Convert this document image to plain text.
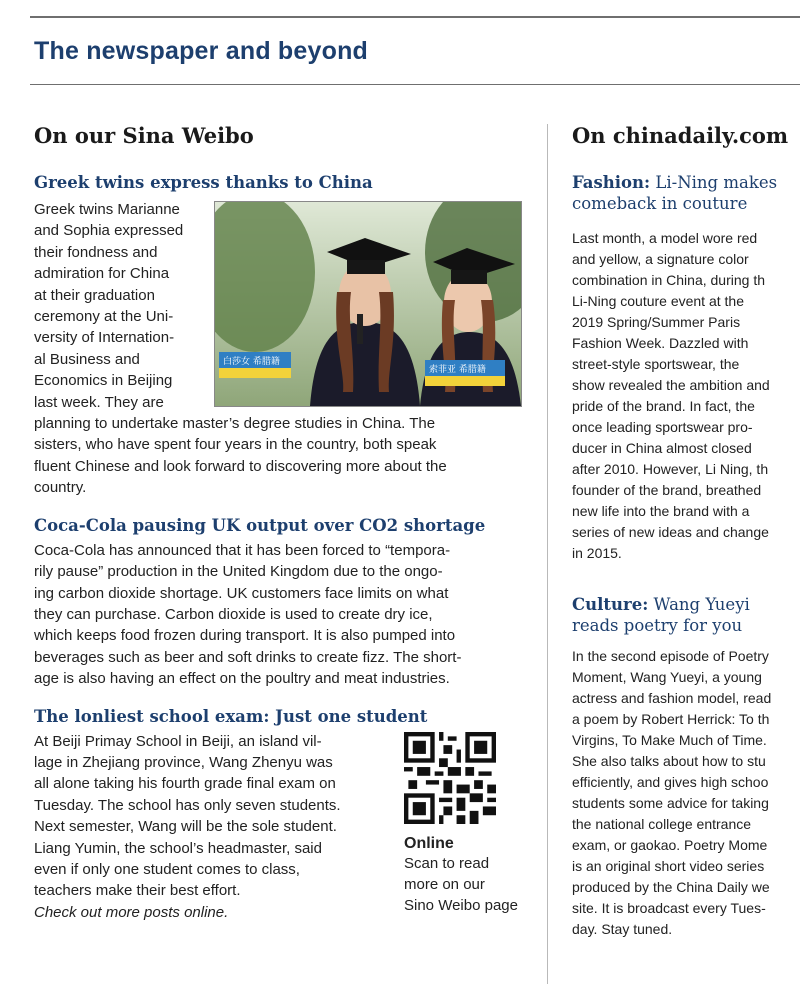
The newspaper and beyond
On our Sina Weibo
Greek twins express thanks to China
白莎女 希腊籍
索菲亚 希腊籍
Greek twins Marianne
and Sophia expressed
their fondness and
admiration for China
at their graduation
ceremony at the Uni-
versity of Internation-
al Business and
Economics in Beijing
last week. They are
planning to undertake master’s degree studies in China. The
sisters, who have spent four years in the country, both speak
fluent Chinese and look forward to discovering more about the
country.
Coca-Cola pausing UK output over CO2 shortage
Coca-Cola has announced that it has been forced to “tempora-
rily pause” production in the United Kingdom due to the ongo-
ing carbon dioxide shortage. UK customers face limits on what
they can purchase. Carbon dioxide is used to create dry ice,
which keeps food frozen during transport. It is also pumped into
beverages such as beer and soft drinks to create fizz. The short-
age is also having an effect on the poultry and meat industries.
The lonliest school exam: Just one student
At Beiji Primay School in Beiji, an island vil-
lage in Zhejiang province, Wang Zhenyu was
all alone taking his fourth grade final exam on
Tuesday. The school has only seven students.
Next semester, Wang will be the sole student.
Liang Yumin, the school’s headmaster, said
even if only one student comes to class,
teachers make their best effort.
Check out more posts online.
Online
Scan to read
more on our
Sino Weibo page
On chinadaily.com
Fashion: Li-Ning makes
comeback in couture
Last month, a model wore red
and yellow, a signature color
combination in China, during th
Li-Ning couture event at the
2019 Spring/Summer Paris
Fashion Week. Dazzled with
street-style sportswear, the
show revealed the ambition and
pride of the brand. In fact, the
once leading sportswear pro-
ducer in China almost closed
after 2010. However, Li Ning, th
founder of the brand, breathed
new life into the brand with a
series of new ideas and change
in 2015.
Culture: Wang Yueyi
reads poetry for you
In the second episode of Poetry
Moment, Wang Yueyi, a young
actress and fashion model, read
a poem by Robert Herrick: To th
Virgins, To Make Much of Time.
She also talks about how to stu
efficiently, and gives high schoo
students some advice for taking
the national college entrance
exam, or gaokao. Poetry Mome
is an original short video series
produced by the China Daily we
site. It is broadcast every Tues-
day. Stay tuned.
